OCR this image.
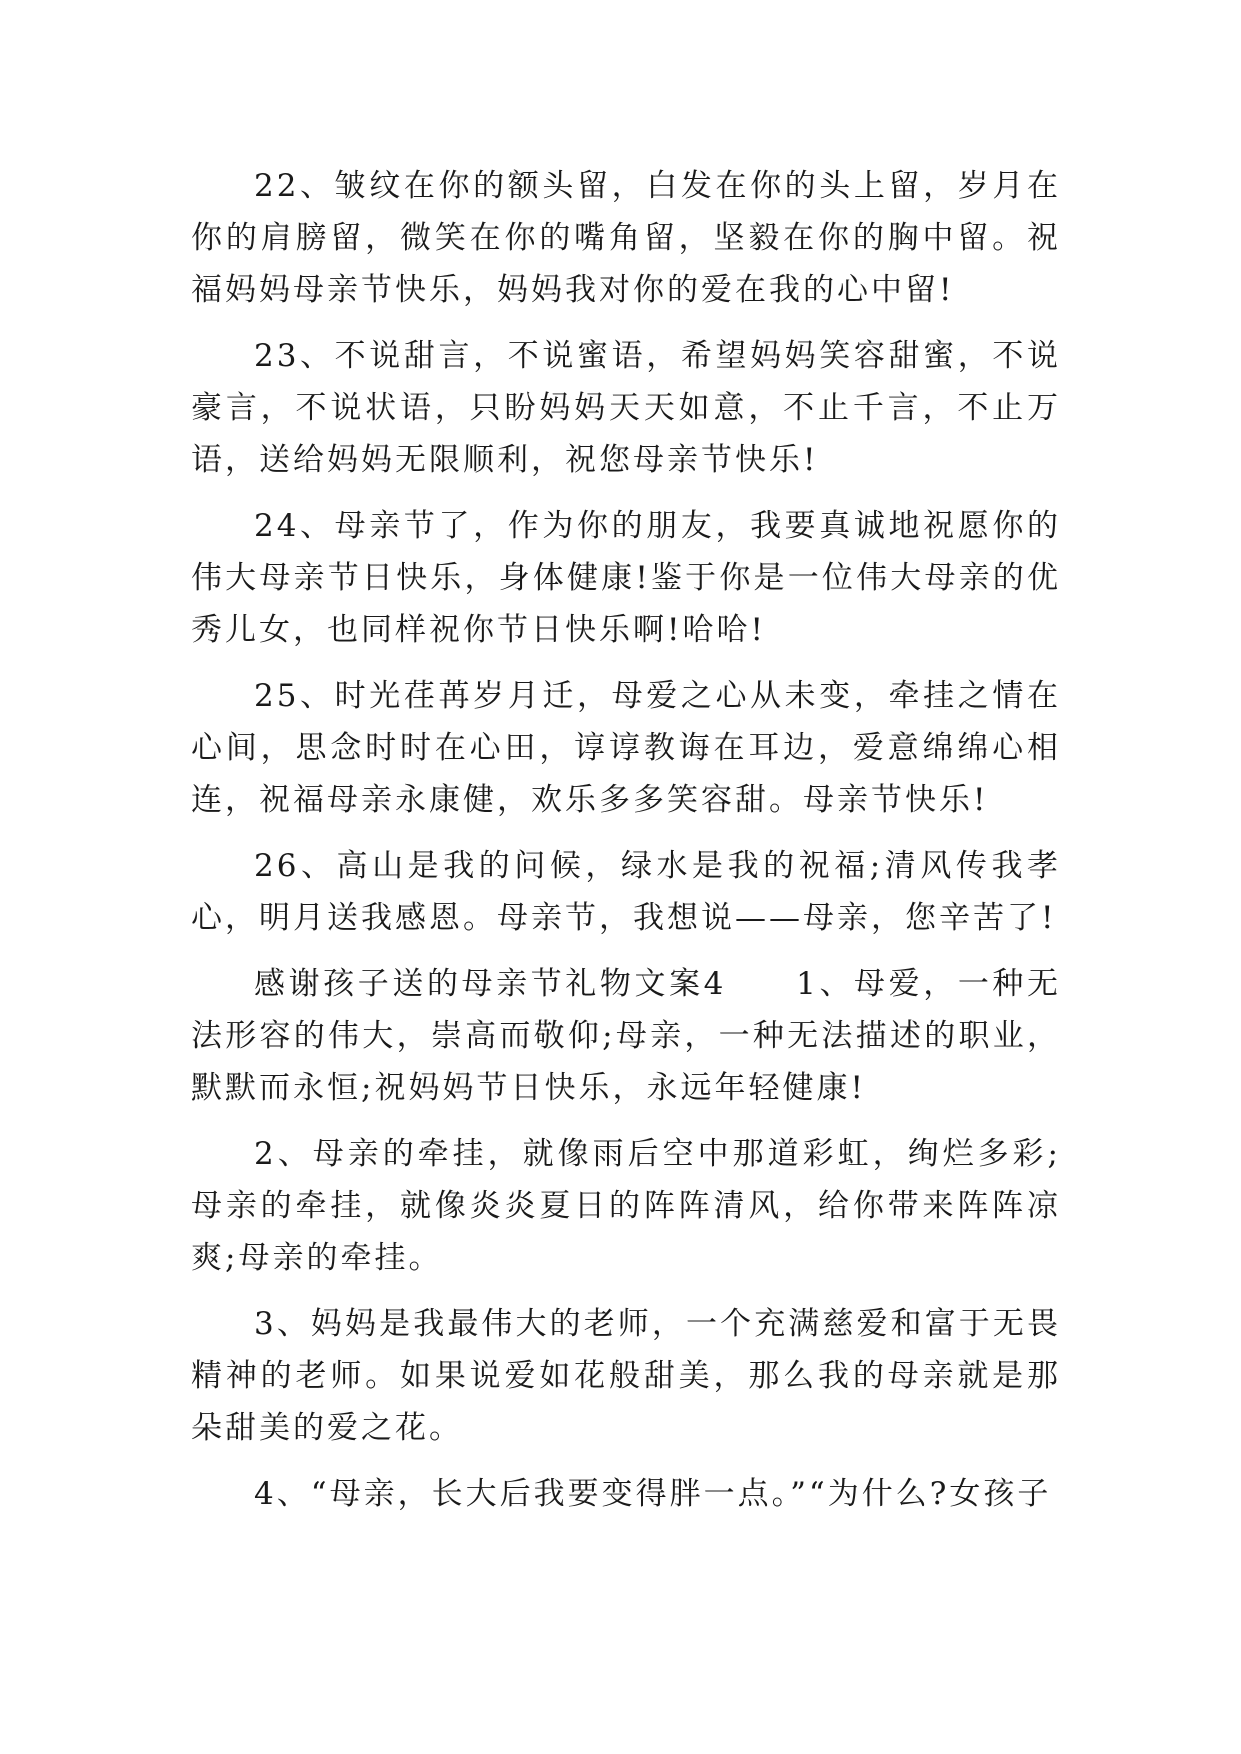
22、皱纹在你的额头留，白发在你的头上留，岁月在你的肩膀留，微笑在你的嘴角留，坚毅在你的胸中留。祝福妈妈母亲节快乐，妈妈我对你的爱在我的心中留!

23、不说甜言，不说蜜语，希望妈妈笑容甜蜜，不说豪言，不说状语，只盼妈妈天天如意，不止千言，不止万语，送给妈妈无限顺利，祝您母亲节快乐!

24、母亲节了，作为你的朋友，我要真诚地祝愿你的伟大母亲节日快乐，身体健康!鉴于你是一位伟大母亲的优秀儿女，也同样祝你节日快乐啊!哈哈!

25、时光荏苒岁月迁，母爱之心从未变，牵挂之情在心间，思念时时在心田，谆谆教诲在耳边，爱意绵绵心相连，祝福母亲永康健，欢乐多多笑容甜。母亲节快乐!

26、高山是我的问候，绿水是我的祝福;清风传我孝心，明月送我感恩。母亲节，我想说——母亲，您辛苦了!

感谢孩子送的母亲节礼物文案4　　1、母爱，一种无法形容的伟大，崇高而敬仰;母亲，一种无法描述的职业，默默而永恒;祝妈妈节日快乐，永远年轻健康!

2、母亲的牵挂，就像雨后空中那道彩虹，绚烂多彩;母亲的牵挂，就像炎炎夏日的阵阵清风，给你带来阵阵凉爽;母亲的牵挂。

3、妈妈是我最伟大的老师，一个充满慈爱和富于无畏精神的老师。如果说爱如花般甜美，那么我的母亲就是那朵甜美的爱之花。

4、“母亲，长大后我要变得胖一点。”“为什么?女孩子
